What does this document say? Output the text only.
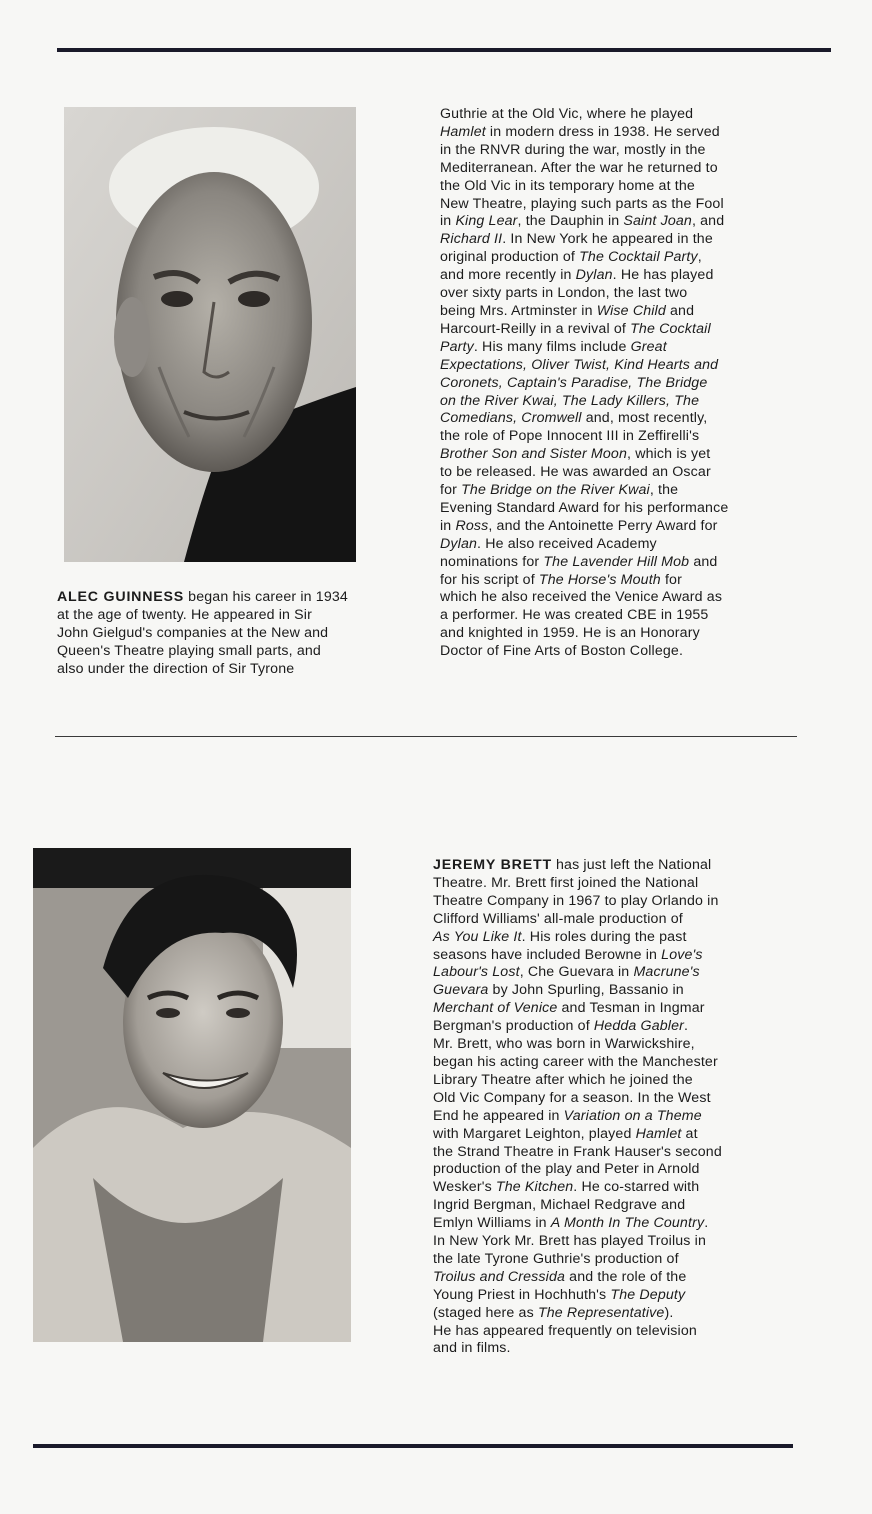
ALEC GUINNESS began his career in 1934
at the age of twenty. He appeared in Sir
John Gielgud's companies at the New and
Queen's Theatre playing small parts, and
also under the direction of Sir Tyrone
Guthrie at the Old Vic, where he played
Hamlet in modern dress in 1938. He served
in the RNVR during the war, mostly in the
Mediterranean. After the war he returned to
the Old Vic in its temporary home at the
New Theatre, playing such parts as the Fool
in King Lear, the Dauphin in Saint Joan, and
Richard II. In New York he appeared in the
original production of The Cocktail Party,
and more recently in Dylan. He has played
over sixty parts in London, the last two
being Mrs. Artminster in Wise Child and
Harcourt-Reilly in a revival of The Cocktail
Party. His many films include Great
Expectations, Oliver Twist, Kind Hearts and
Coronets, Captain's Paradise, The Bridge
on the River Kwai, The Lady Killers, The
Comedians, Cromwell and, most recently,
the role of Pope Innocent III in Zeffirelli's
Brother Son and Sister Moon, which is yet
to be released. He was awarded an Oscar
for The Bridge on the River Kwai, the
Evening Standard Award for his performance
in Ross, and the Antoinette Perry Award for
Dylan. He also received Academy
nominations for The Lavender Hill Mob and
for his script of The Horse's Mouth for
which he also received the Venice Award as
a performer. He was created CBE in 1955
and knighted in 1959. He is an Honorary
Doctor of Fine Arts of Boston College.
JEREMY BRETT has just left the National
Theatre. Mr. Brett first joined the National
Theatre Company in 1967 to play Orlando in
Clifford Williams' all-male production of
As You Like It. His roles during the past
seasons have included Berowne in Love's
Labour's Lost, Che Guevara in Macrune's
Guevara by John Spurling, Bassanio in
Merchant of Venice and Tesman in Ingmar
Bergman's production of Hedda Gabler.
Mr. Brett, who was born in Warwickshire,
began his acting career with the Manchester
Library Theatre after which he joined the
Old Vic Company for a season. In the West
End he appeared in Variation on a Theme
with Margaret Leighton, played Hamlet at
the Strand Theatre in Frank Hauser's second
production of the play and Peter in Arnold
Wesker's The Kitchen. He co-starred with
Ingrid Bergman, Michael Redgrave and
Emlyn Williams in A Month In The Country.
In New York Mr. Brett has played Troilus in
the late Tyrone Guthrie's production of
Troilus and Cressida and the role of the
Young Priest in Hochhuth's The Deputy
(staged here as The Representative).
He has appeared frequently on television
and in films.
